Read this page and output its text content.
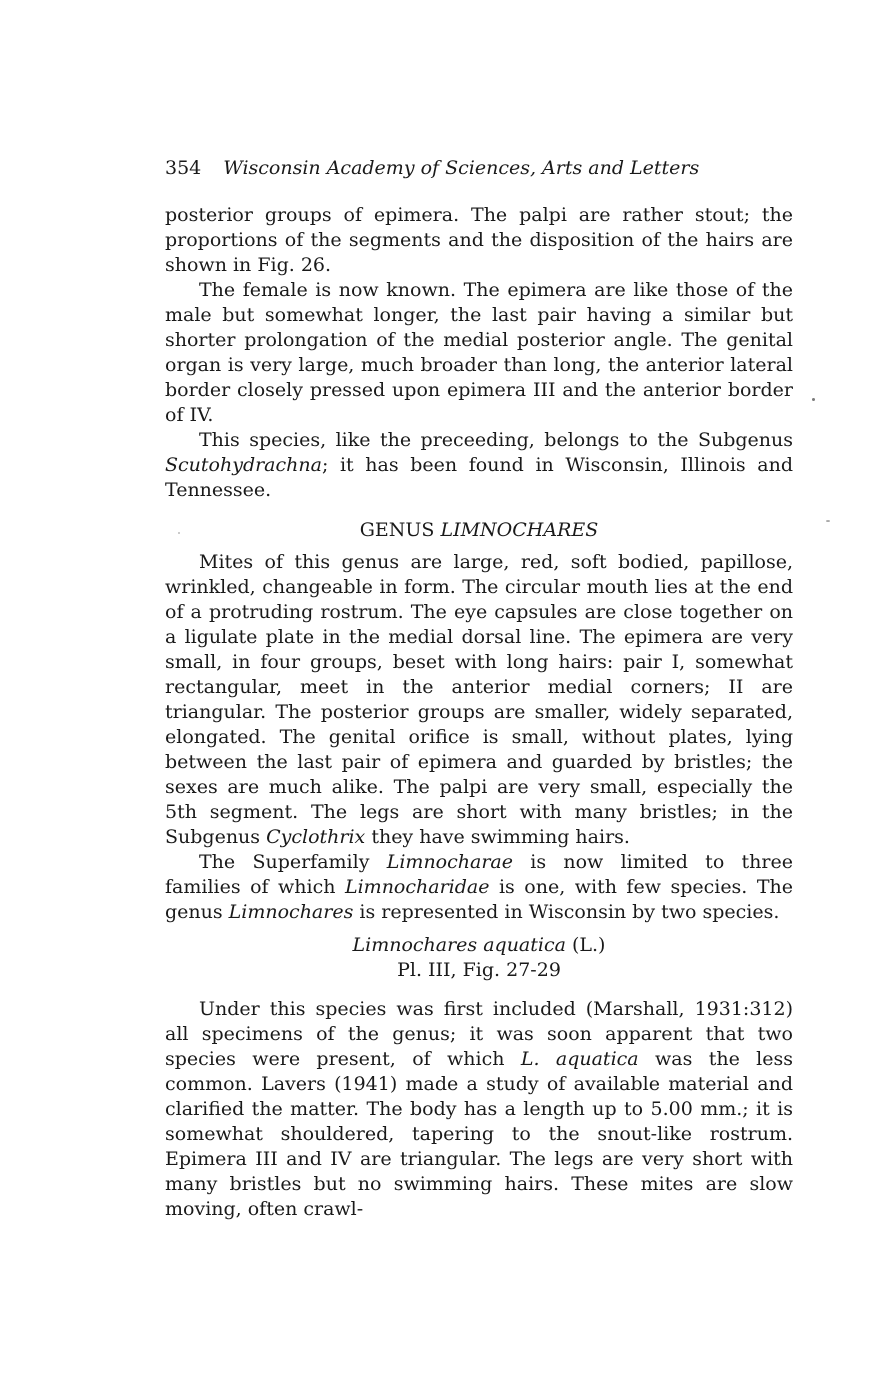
354 Wisconsin Academy of Sciences, Arts and Letters

posterior groups of epimera. The palpi are rather stout; the proportions of the segments and the disposition of the hairs are shown in Fig. 26.

The female is now known. The epimera are like those of the male but somewhat longer, the last pair having a similar but shorter prolongation of the medial posterior angle. The genital organ is very large, much broader than long, the anterior lateral border closely pressed upon epimera III and the anterior border of IV.

This species, like the preceeding, belongs to the Subgenus Scutohydrachna; it has been found in Wisconsin, Illinois and Tennessee.

GENUS LIMNOCHARES

Mites of this genus are large, red, soft bodied, papillose, wrinkled, changeable in form. The circular mouth lies at the end of a protruding rostrum. The eye capsules are close together on a ligulate plate in the medial dorsal line. The epimera are very small, in four groups, beset with long hairs: pair I, somewhat rectangular, meet in the anterior medial corners; II are triangular. The posterior groups are smaller, widely separated, elongated. The genital orifice is small, without plates, lying between the last pair of epimera and guarded by bristles; the sexes are much alike. The palpi are very small, especially the 5th segment. The legs are short with many bristles; in the Subgenus Cyclothrix they have swimming hairs.

The Superfamily Limnocharae is now limited to three families of which Limnocharidae is one, with few species. The genus Limnochares is represented in Wisconsin by two species.

Limnochares aquatica (L.)
Pl. III, Fig. 27-29

Under this species was first included (Marshall, 1931:312) all specimens of the genus; it was soon apparent that two species were present, of which L. aquatica was the less common. Lavers (1941) made a study of available material and clarified the matter. The body has a length up to 5.00 mm.; it is somewhat shouldered, tapering to the snout-like rostrum. Epimera III and IV are triangular. The legs are very short with many bristles but no swimming hairs. These mites are slow moving, often crawl-
